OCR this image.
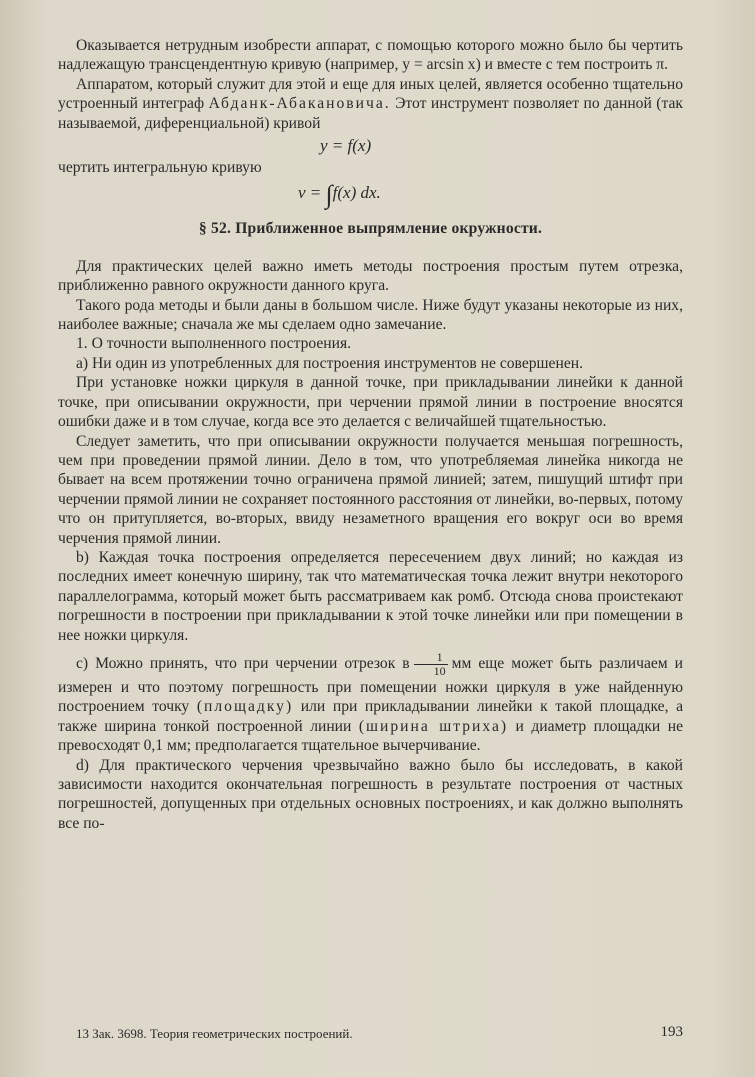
Оказывается нетрудным изобрести аппарат, с помощью которого можно было бы чертить надлежащую трансцендентную кривую (например, y = arcsin x) и вместе с тем построить π.

Аппаратом, который служит для этой и еще для иных целей, является особенно тщательно устроенный интеграф Абданк-Абакановича. Этот инструмент позволяет по данной (так называемой, диференциальной) кривой

y = f(x)

чертить интегральную кривую

v = ∫f(x) dx.

§ 52. Приближенное выпрямление окружности.

Для практических целей важно иметь методы построения простым путем отрезка, приближенно равного окружности данного круга.

Такого рода методы и были даны в большом числе. Ниже будут указаны некоторые из них, наиболее важные; сначала же мы сделаем одно замечание.

1. О точности выполненного построения.

a) Ни один из употребленных для построения инструментов не совершенен.

При установке ножки циркуля в данной точке, при прикладывании линейки к данной точке, при описывании окружности, при черчении прямой линии в построение вносятся ошибки даже и в том случае, когда все это делается с величайшей тщательностью.

Следует заметить, что при описывании окружности получается меньшая погрешность, чем при проведении прямой линии. Дело в том, что употребляемая линейка никогда не бывает на всем протяжении точно ограничена прямой линией; затем, пишущий штифт при черчении прямой линии не сохраняет постоянного расстояния от линейки, во-первых, потому что он притупляется, во-вторых, ввиду незаметного вращения его вокруг оси во время черчения прямой линии.

b) Каждая точка построения определяется пересечением двух линий; но каждая из последних имеет конечную ширину, так что математическая точка лежит внутри некоторого параллелограмма, который может быть рассматриваем как ромб. Отсюда снова проистекают погрешности в построении при прикладывании к этой точке линейки или при помещении в нее ножки циркуля.

c) Можно принять, что при черчении отрезок в $\frac{1}{10}$ мм еще может быть различаем и измерен и что поэтому погрешность при помещении ножки циркуля в уже найденную построением точку (площадку) или при прикладывании линейки к такой площадке, а также ширина тонкой построенной линии (ширина штриха) и диаметр площадки не превосходят 0,1 мм; предполагается тщательное вычерчивание.

d) Для практического черчения чрезвычайно важно было бы исследовать, в какой зависимости находится окончательная погрешность в результате построения от частных погрешностей, допущенных при отдельных основных построениях, и как должно выполнять все по-

13 Зак. 3698. Теория геометрических построений.	193
